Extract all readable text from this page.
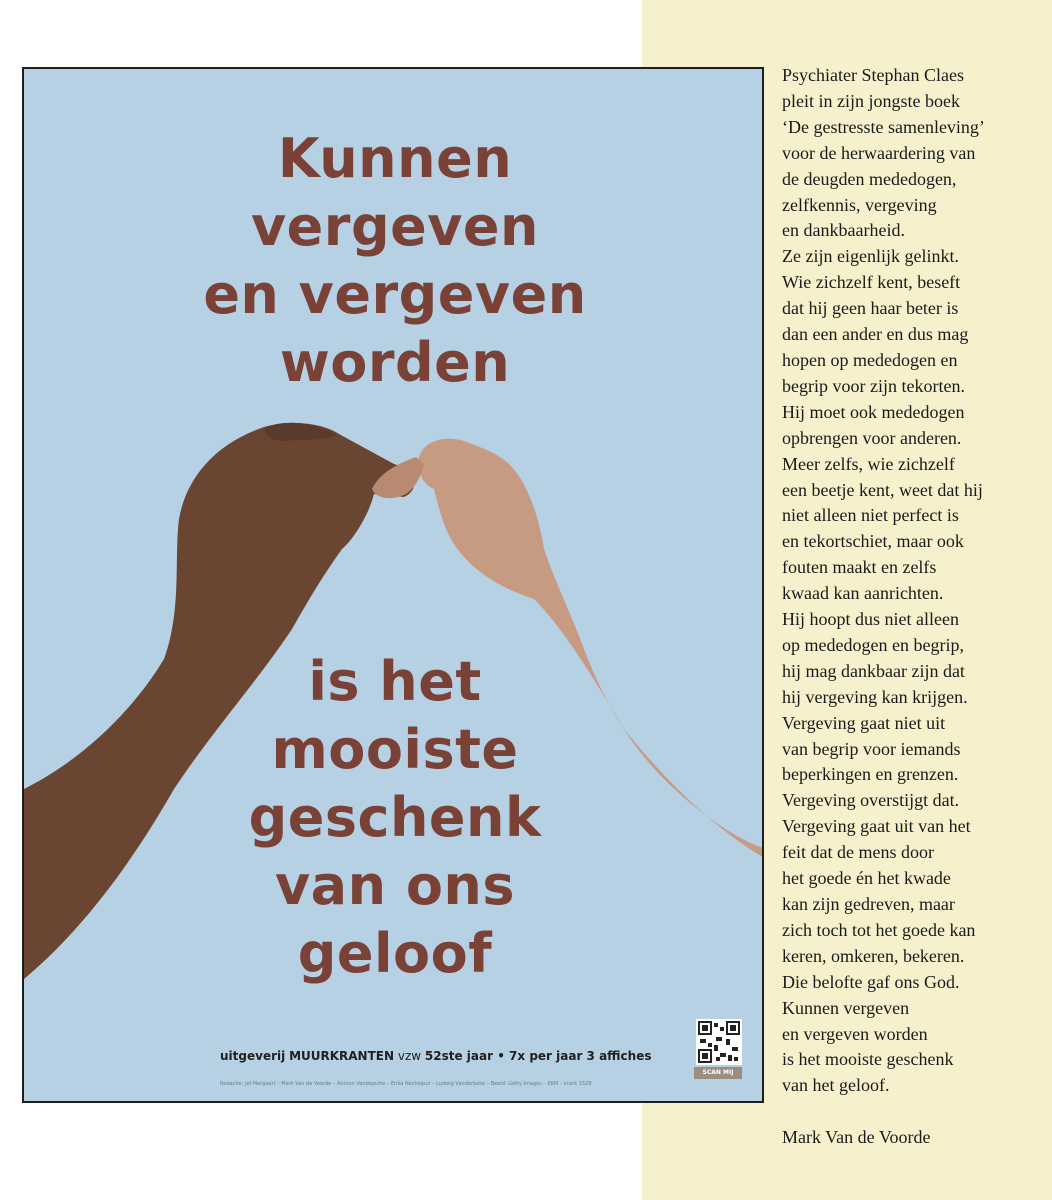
Kunnen
vergeven
en vergeven
worden
is het
mooiste
geschenk
van ons
geloof
uitgeverij MUURKRANTEN vzw 52ste jaar • 7x per jaar 3 affiches
Redactie: Jef Mergaert – Mark Van de Voorde – Antoon Vandeputte – Erika Nechelput – Ludwig Vanderbeke – Beeld: Getty Images – EKM – krant 1529
SCAN MIJ
Psychiater Stephan Claes
pleit in zijn jongste boek
‘De gestresste samenleving’
voor de herwaardering van
de deugden mededogen,
zelfkennis, vergeving
en dankbaarheid.
Ze zijn eigenlijk gelinkt.
Wie zichzelf kent, beseft
dat hij geen haar beter is
dan een ander en dus mag
hopen op mededogen en
begrip voor zijn tekorten.
Hij moet ook mededogen
opbrengen voor anderen.
Meer zelfs, wie zichzelf
een beetje kent, weet dat hij
niet alleen niet perfect is
en tekortschiet, maar ook
fouten maakt en zelfs
kwaad kan aanrichten.
Hij hoopt dus niet alleen
op mededogen en begrip,
hij mag dankbaar zijn dat
hij vergeving kan krijgen.
Vergeving gaat niet uit
van begrip voor iemands
beperkingen en grenzen.
Vergeving overstijgt dat.
Vergeving gaat uit van het
feit dat de mens door
het goede én het kwade
kan zijn gedreven, maar
zich toch tot het goede kan
keren, omkeren, bekeren.
Die belofte gaf ons God.
Kunnen vergeven
en vergeven worden
is het mooiste geschenk
van het geloof.
Mark Van de Voorde
